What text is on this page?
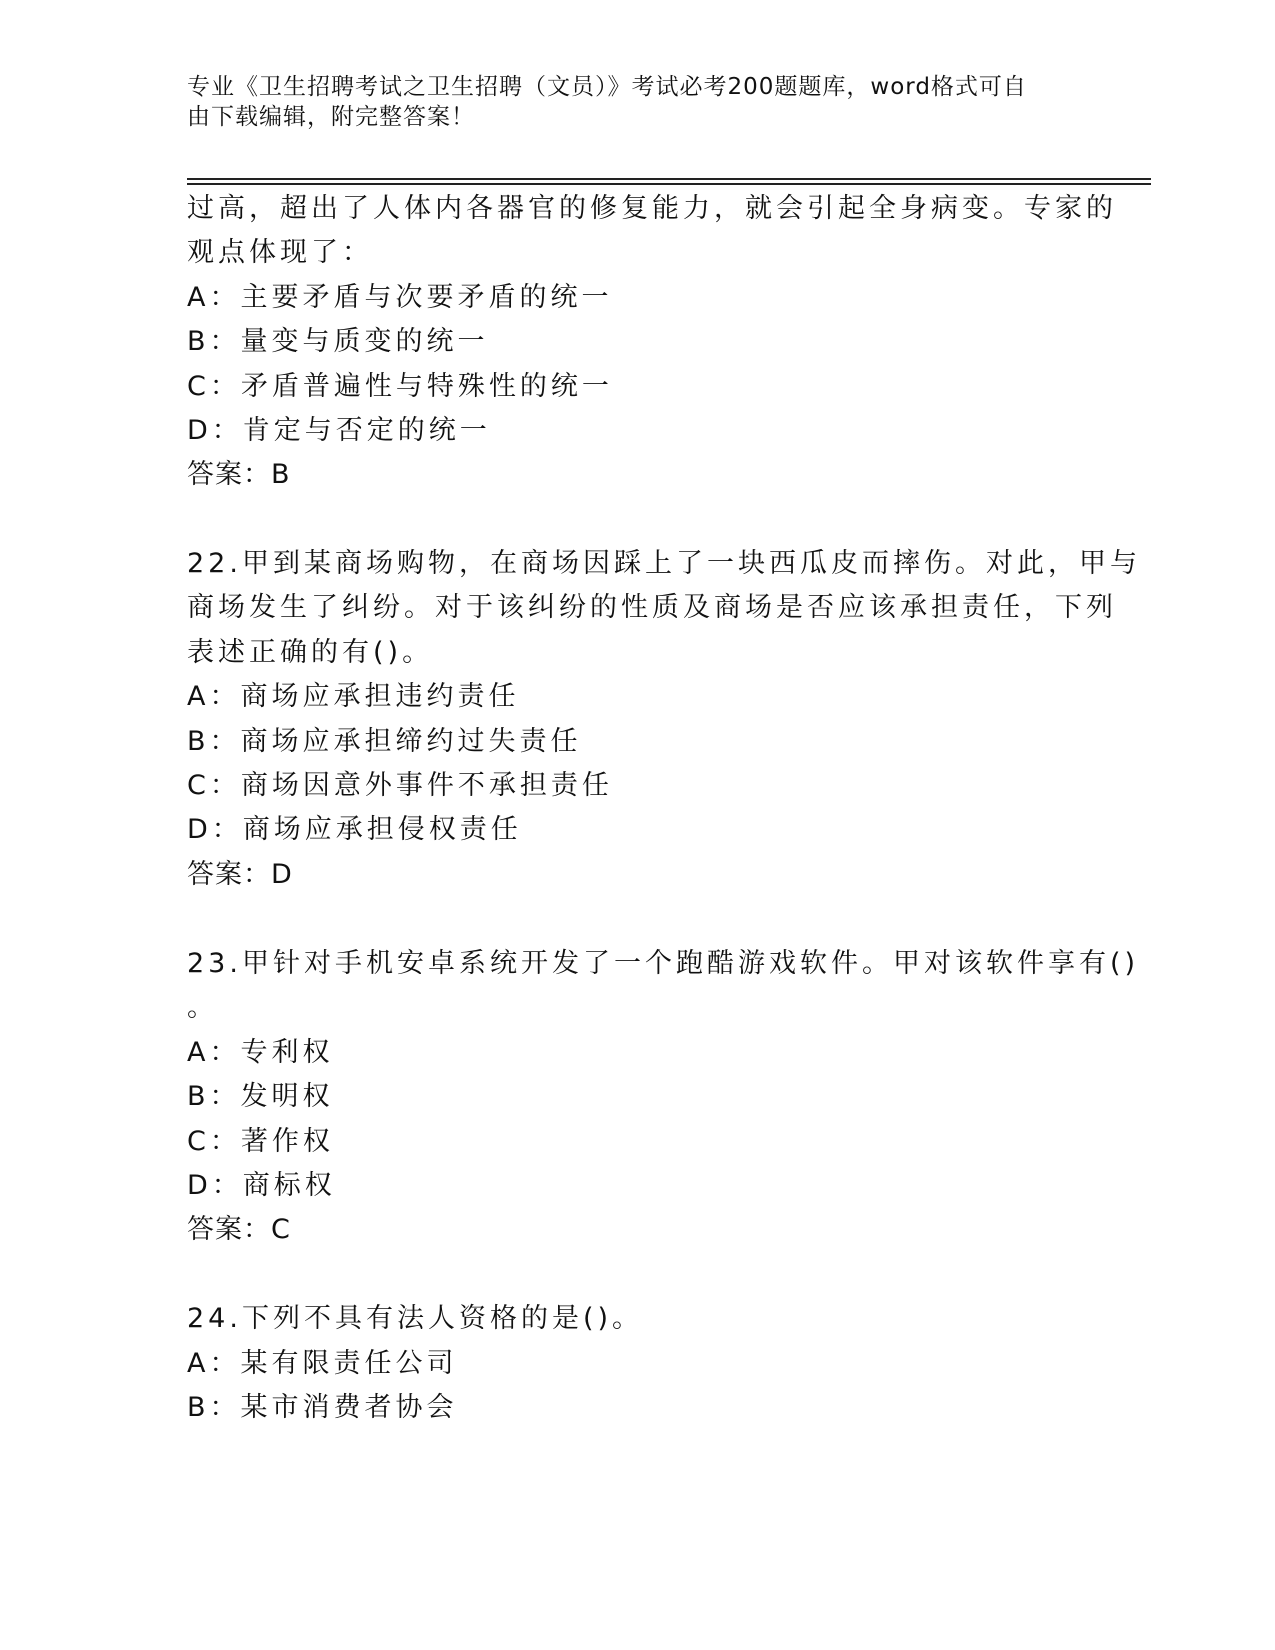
专业《卫生招聘考试之卫生招聘（文员）》考试必考200题题库，word格式可自
由下载编辑，附完整答案！
过高，超出了人体内各器官的修复能力，就会引起全身病变。专家的
观点体现了：
A：主要矛盾与次要矛盾的统一
B：量变与质变的统一
C：矛盾普遍性与特殊性的统一
D：肯定与否定的统一
答案：B
22.甲到某商场购物，在商场因踩上了一块西瓜皮而摔伤。对此，甲与
商场发生了纠纷。对于该纠纷的性质及商场是否应该承担责任，下列
表述正确的有()。
A：商场应承担违约责任
B：商场应承担缔约过失责任
C：商场因意外事件不承担责任
D：商场应承担侵权责任
答案：D
23.甲针对手机安卓系统开发了一个跑酷游戏软件。甲对该软件享有()
。
A：专利权
B：发明权
C：著作权
D：商标权
答案：C
24.下列不具有法人资格的是()。
A：某有限责任公司
B：某市消费者协会
